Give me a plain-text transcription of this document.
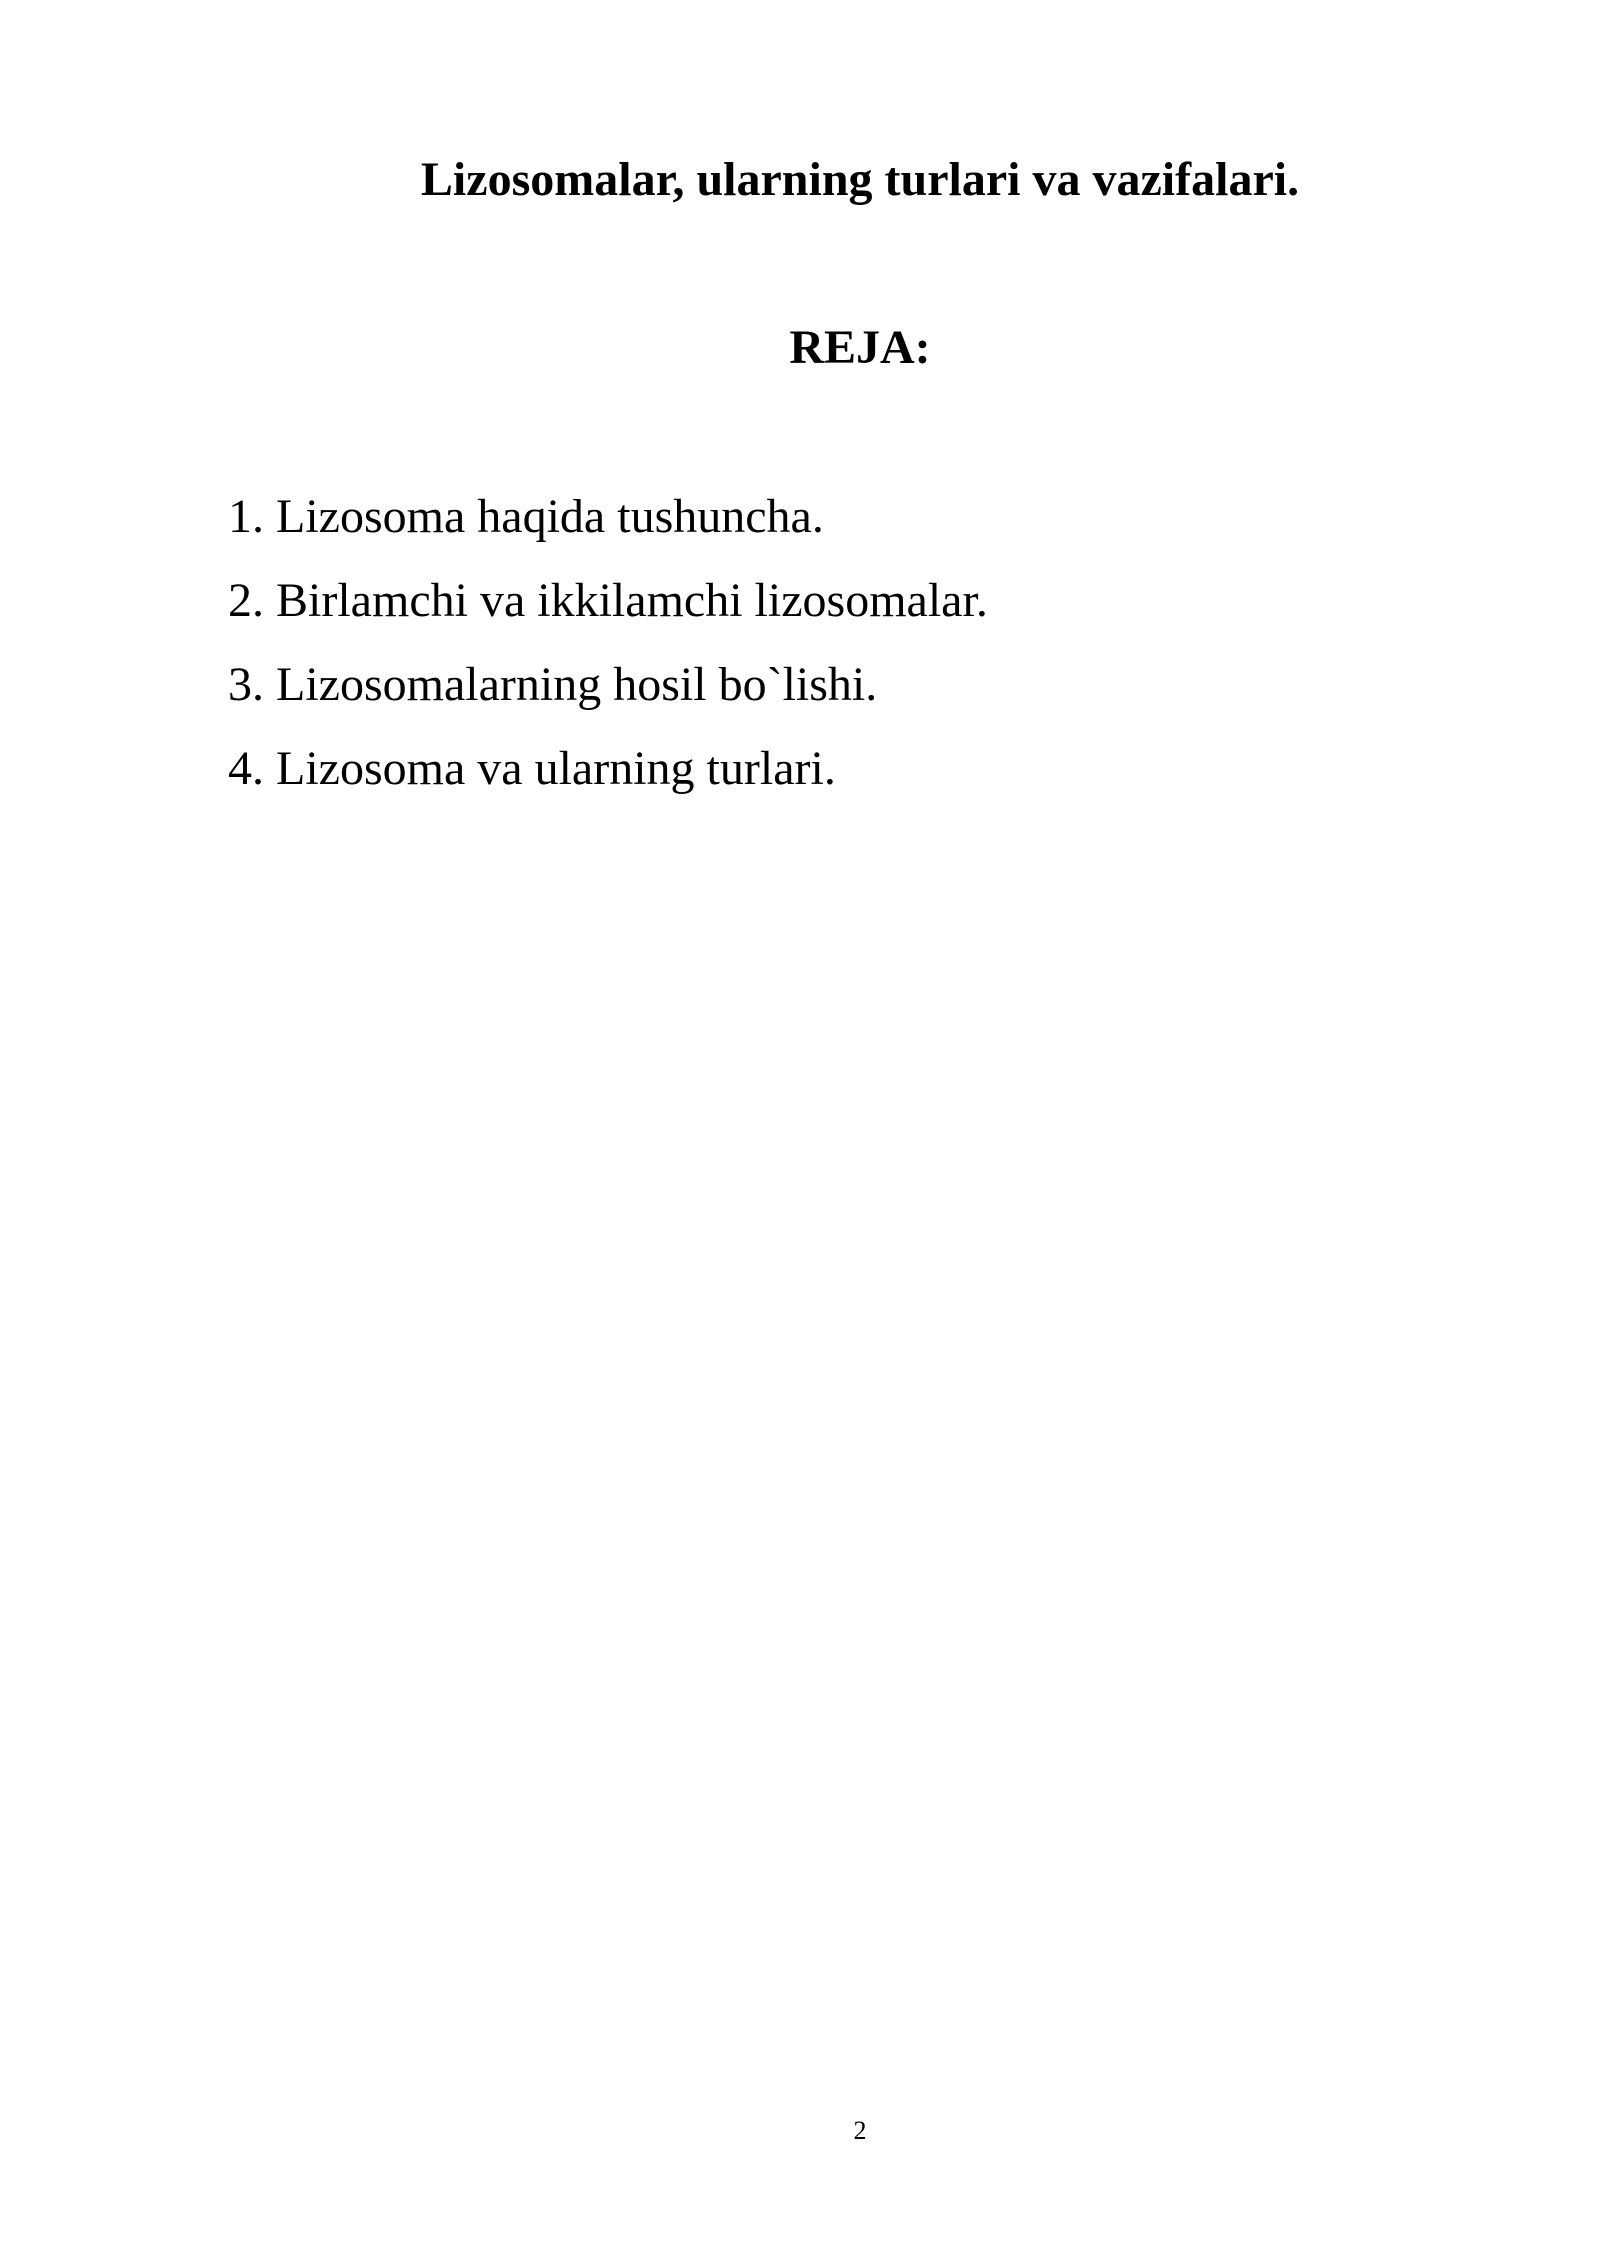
Lizosomalar, ularning turlari va vazifalari.
REJA:
1. Lizosoma haqida tushuncha.
2. Birlamchi va ikkilamchi lizosomalar.
3. Lizosomalarning hosil bo`lishi.
4. Lizosoma va ularning turlari.
2
